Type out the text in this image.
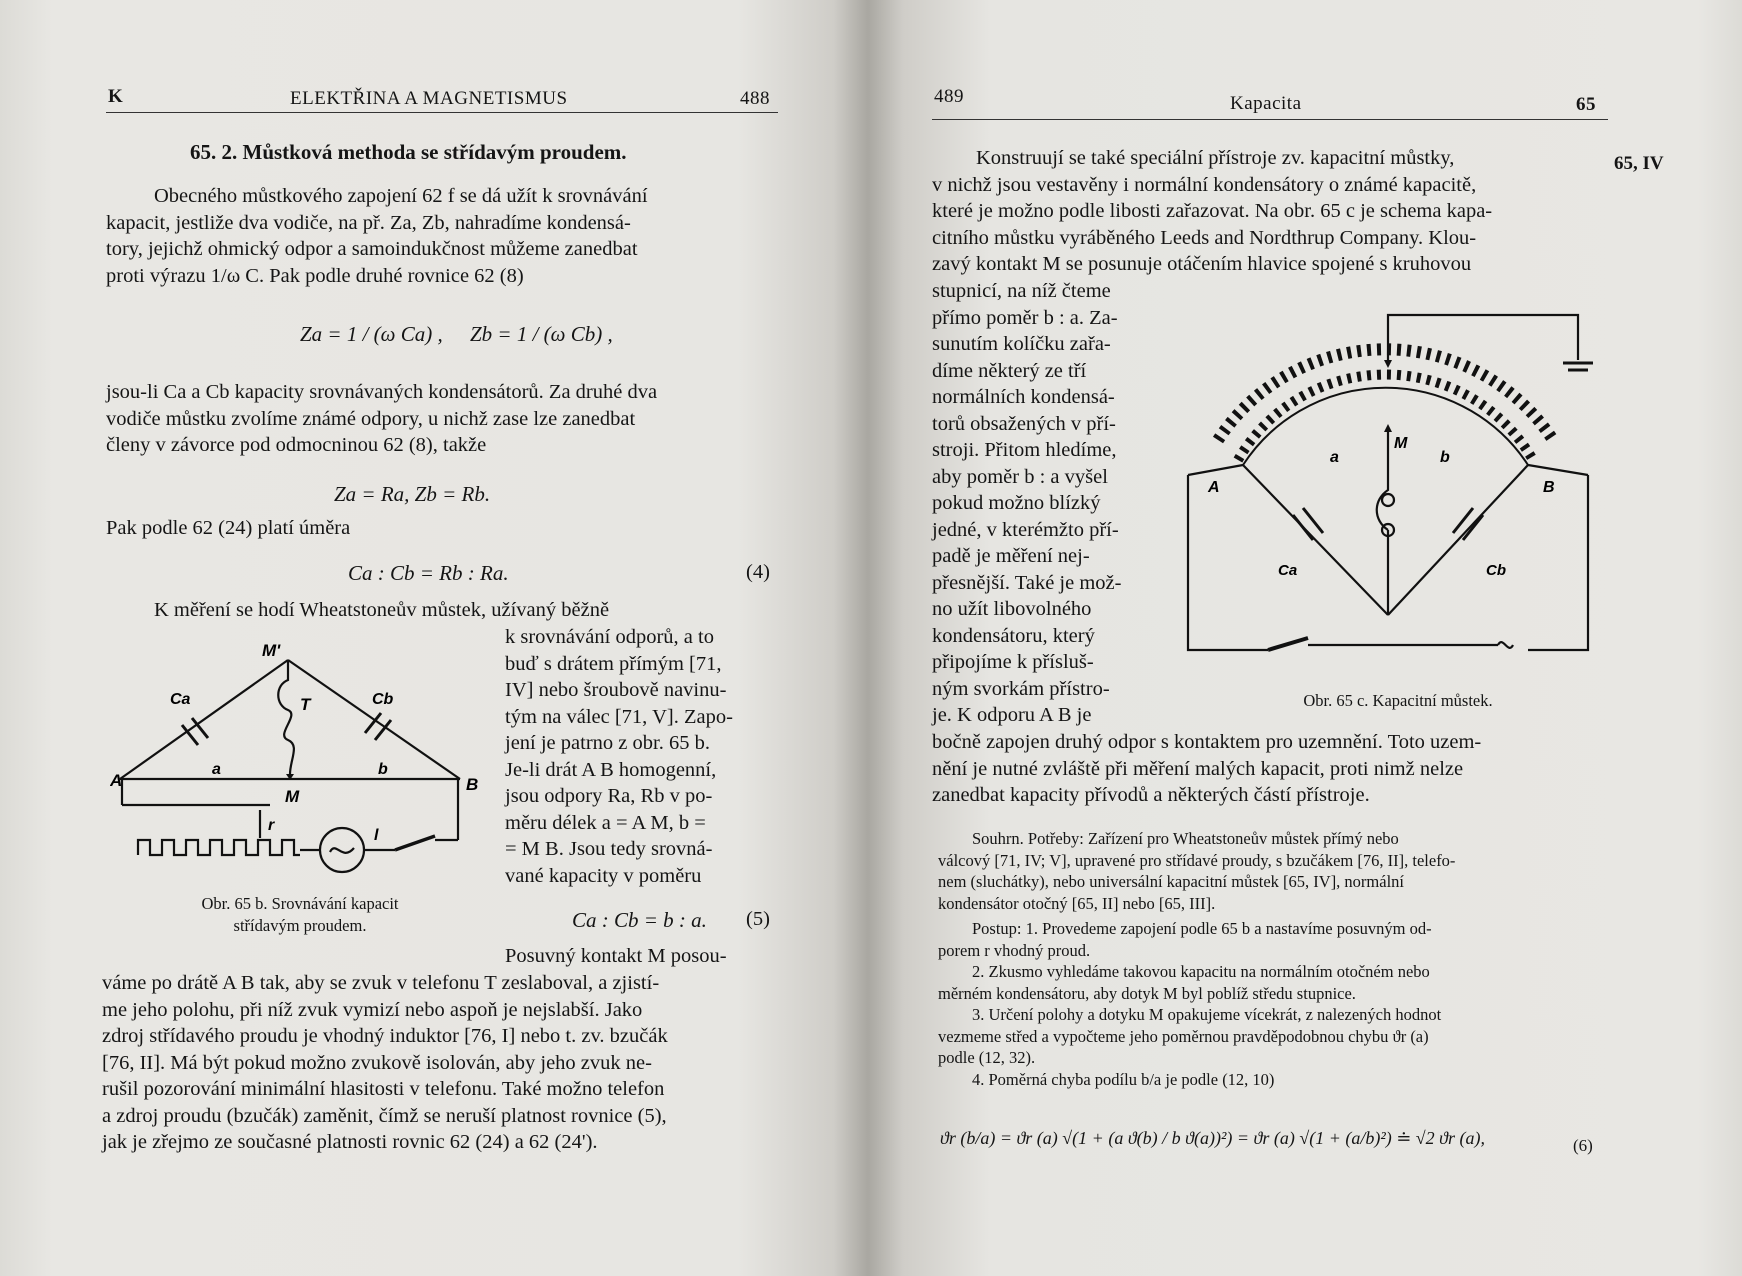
K	ELEKTŘINA A MAGNETISMUS	488
65. 2. Můstková methoda se střídavým proudem.
Obecného můstkového zapojení 62 f se dá užít k srovnávání
kapacit, jestliže dva vodiče, na př. Za, Zb, nahradíme kondensá-
tory, jejichž ohmický odpor a samoindukčnost můžeme zanedbat
proti výrazu 1/ω C. Pak podle druhé rovnice 62 (8)
Za = 1 / (ω Ca) , Zb = 1 / (ω Cb) ,
jsou-li Ca a Cb kapacity srovnávaných kondensátorů. Za druhé dva
vodiče můstku zvolíme známé odpory, u nichž zase lze zanedbat
členy v závorce pod odmocninou 62 (8), takže
Za = Ra, Zb = Rb.
Pak podle 62 (24) platí úměra
Ca : Cb = Rb : Ra.	(4)
K měření se hodí Wheatstoneův můstek, užívaný běžně
k srovnávání odporů, a to
buď s drátem přímým [71,
IV] nebo šroubově navinu-
tým na válec [71, V]. Zapo-
jení je patrno z obr. 65 b.
Je-li drát A B homogenní,
jsou odpory Ra, Rb v po-
měru délek a = A M, b =
= M B. Jsou tedy srovná-
vané kapacity v poměru
Ca : Cb = b : a. (5)
Posuvný kontakt M posou-
váme po drátě A B tak, aby se zvuk v telefonu T zeslaboval, a zjistí-
me jeho polohu, při níž zvuk vymizí nebo aspoň je nejslabší. Jako
zdroj střídavého proudu je vhodný induktor [76, I] nebo t. zv. bzučák
[76, II]. Má být pokud možno zvukově isolován, aby jeho zvuk ne-
rušil pozorování minimální hlasitosti v telefonu. Také možno telefon
a zdroj proudu (bzučák) zaměnit, čímž se neruší platnost rovnice (5),
jak je zřejmo ze současné platnosti rovnic 62 (24) a 62 (24').
M'
Ca	Cb
T
A	B
a	b
M
r
l
Obr. 65 b. Srovnávání kapacit
střídavým proudem.
489	Kapacita	65
65, IV
Konstruují se také speciální přístroje zv. kapacitní můstky,
v nichž jsou vestavěny i normální kondensátory o známé kapacitě,
které je možno podle libosti zařazovat. Na obr. 65 c je schema kapa-
citního můstku vyráběného Leeds and Nordthrup Company. Klou-
zavý kontakt M se posunuje otáčením hlavice spojené s kruhovou
stupnicí, na níž čteme
přímo poměr b : a. Za-
sunutím kolíčku zařa-
díme některý ze tří
normálních kondensá-
torů obsažených v pří-
stroji. Přitom hledíme,
aby poměr b : a vyšel
pokud možno blízký
jedné, v kterémžto pří-
padě je měření nej-
přesnější. Také je mož-
no užít libovolného
kondensátoru, který
připojíme k přísluš-
ným svorkám přístro-
je. K odporu A B je
bočně zapojen druhý odpor s kontaktem pro uzemnění. Toto uzem-
nění je nutné zvláště při měření malých kapacit, proti nimž nelze
zanedbat kapacity přívodů a některých částí přístroje.
M
a	b
A	B
Ca	Cb
Obr. 65 c. Kapacitní můstek.
Souhrn. Potřeby: Zařízení pro Wheatstoneův můstek přímý nebo
válcový [71, IV; V], upravené pro střídavé proudy, s bzučákem [76, II], telefo-
nem (sluchátky), nebo universální kapacitní můstek [65, IV], normální
kondensátor otočný [65, II] nebo [65, III].
Postup: 1. Provedeme zapojení podle 65 b a nastavíme posuvným od-
porem r vhodný proud.
2. Zkusmo vyhledáme takovou kapacitu na normálním otočném nebo
měrném kondensátoru, aby dotyk M byl poblíž středu stupnice.
3. Určení polohy a dotyku M opakujeme vícekrát, z nalezených hodnot
vezmeme střed a vypočteme jeho poměrnou pravděpodobnou chybu ϑr (a)
podle (12, 32).
4. Poměrná chyba podílu b/a je podle (12, 10)
ϑr (b/a) = ϑr (a) √(1 + (a ϑ(b) / b ϑ(a))²) = ϑr (a) √(1 + (a/b)²) ≐ √2 ϑr (a),	(6)
